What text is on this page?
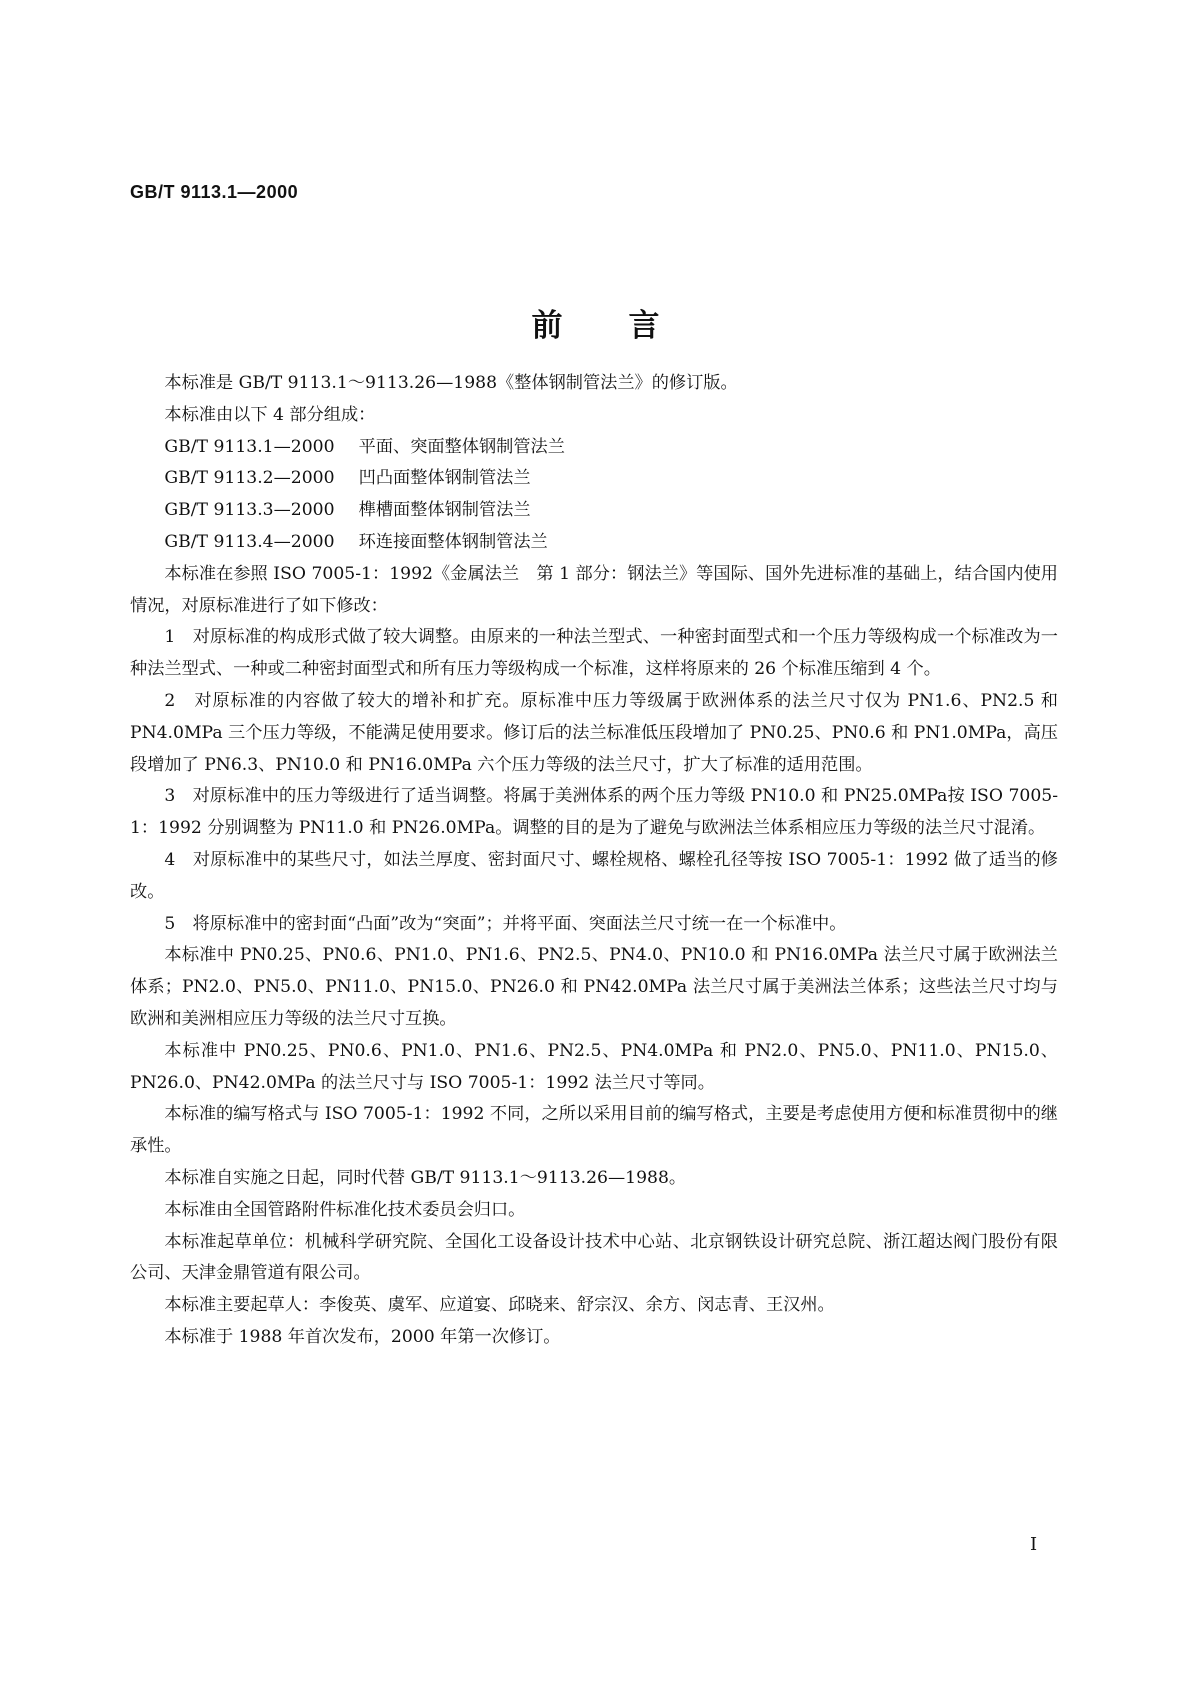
GB/T 9113.1—2000
前言

本标准是 GB/T 9113.1～9113.26—1988《整体钢制管法兰》的修订版。

本标准由以下 4 部分组成：

GB/T 9113.1—2000 平面、突面整体钢制管法兰

GB/T 9113.2—2000 凹凸面整体钢制管法兰

GB/T 9113.3—2000 榫槽面整体钢制管法兰

GB/T 9113.4—2000 环连接面整体钢制管法兰

本标准在参照 ISO 7005-1：1992《金属法兰　第 1 部分：钢法兰》等国际、国外先进标准的基础上，结合国内使用情况，对原标准进行了如下修改：

1　对原标准的构成形式做了较大调整。由原来的一种法兰型式、一种密封面型式和一个压力等级构成一个标准改为一种法兰型式、一种或二种密封面型式和所有压力等级构成一个标准，这样将原来的 26 个标准压缩到 4 个。

2　对原标准的内容做了较大的增补和扩充。原标准中压力等级属于欧洲体系的法兰尺寸仅为 PN1.6、PN2.5 和 PN4.0MPa 三个压力等级，不能满足使用要求。修订后的法兰标准低压段增加了 PN0.25、PN0.6 和 PN1.0MPa，高压段增加了 PN6.3、PN10.0 和 PN16.0MPa 六个压力等级的法兰尺寸，扩大了标准的适用范围。

3　对原标准中的压力等级进行了适当调整。将属于美洲体系的两个压力等级 PN10.0 和 PN25.0MPa按 ISO 7005-1：1992 分别调整为 PN11.0 和 PN26.0MPa。调整的目的是为了避免与欧洲法兰体系相应压力等级的法兰尺寸混淆。

4　对原标准中的某些尺寸，如法兰厚度、密封面尺寸、螺栓规格、螺栓孔径等按 ISO 7005-1：1992 做了适当的修改。

5　将原标准中的密封面“凸面”改为“突面”；并将平面、突面法兰尺寸统一在一个标准中。

本标准中 PN0.25、PN0.6、PN1.0、PN1.6、PN2.5、PN4.0、PN10.0 和 PN16.0MPa 法兰尺寸属于欧洲法兰体系；PN2.0、PN5.0、PN11.0、PN15.0、PN26.0 和 PN42.0MPa 法兰尺寸属于美洲法兰体系；这些法兰尺寸均与欧洲和美洲相应压力等级的法兰尺寸互换。

本标准中 PN0.25、PN0.6、PN1.0、PN1.6、PN2.5、PN4.0MPa 和 PN2.0、PN5.0、PN11.0、PN15.0、PN26.0、PN42.0MPa 的法兰尺寸与 ISO 7005-1：1992 法兰尺寸等同。

本标准的编写格式与 ISO 7005-1：1992 不同，之所以采用目前的编写格式，主要是考虑使用方便和标准贯彻中的继承性。

本标准自实施之日起，同时代替 GB/T 9113.1～9113.26—1988。

本标准由全国管路附件标准化技术委员会归口。

本标准起草单位：机械科学研究院、全国化工设备设计技术中心站、北京钢铁设计研究总院、浙江超达阀门股份有限公司、天津金鼎管道有限公司。

本标准主要起草人：李俊英、虞军、应道宴、邱晓来、舒宗汉、余方、闵志青、王汉州。

本标准于 1988 年首次发布，2000 年第一次修订。

I
